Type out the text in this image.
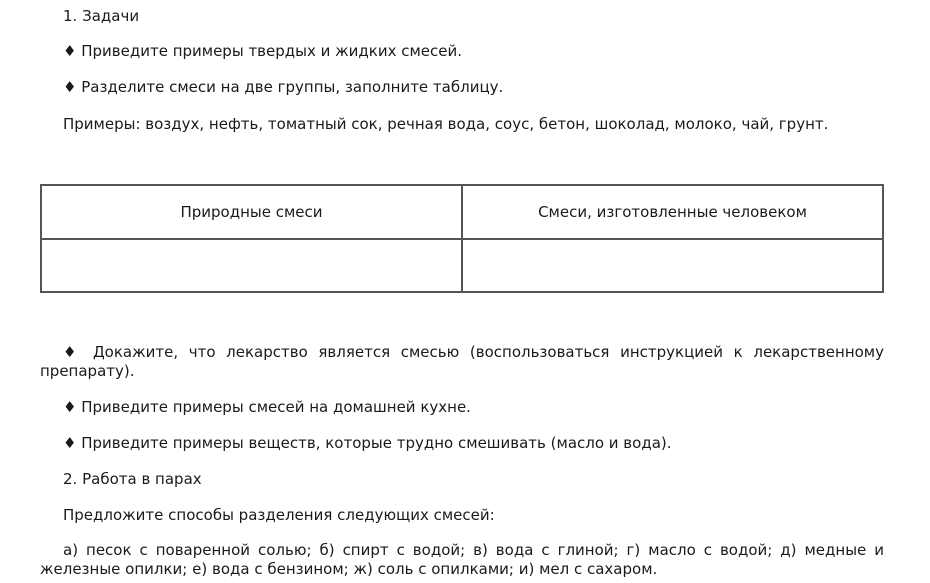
1. Задачи
♦ Приведите примеры твердых и жидких смесей.
♦ Разделите смеси на две группы, заполните таблицу.
Примеры: воздух, нефть, томатный сок, речная вода, соус, бетон, шоколад, молоко, чай, грунт.
Природные смеси	Смеси, изготовленные человеком

♦ Докажите, что лекарство является смесью (воспользоваться инструкцией к лекарственному препарату).

♦ Приведите примеры смесей на домашней кухне.
♦ Приведите примеры веществ, которые трудно смешивать (масло и вода).
2. Работа в парах
Предложите способы разделения следующих смесей:

а) песок с поваренной солью; б) спирт с водой; в) вода с глиной; г) масло с водой; д) медные и железные опилки; е) вода с бензином; ж) соль с опилками; и) мел с сахаром.
